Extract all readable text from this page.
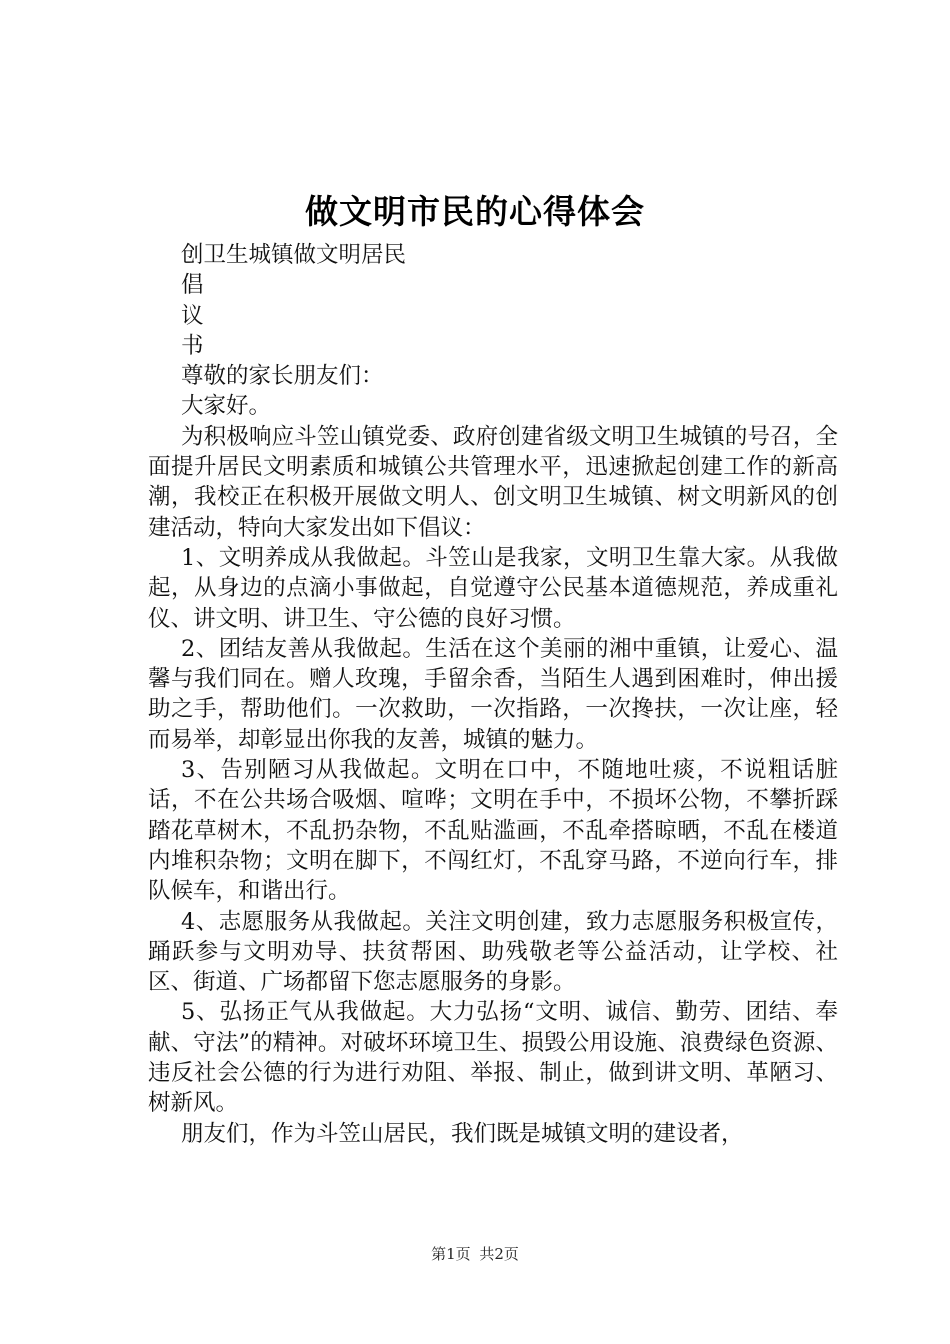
做文明市民的心得体会

创卫生城镇做文明居民

倡

议

书

尊敬的家长朋友们：

大家好。

为积极响应斗笠山镇党委、政府创建省级文明卫生城镇的号召，全面提升居民文明素质和城镇公共管理水平，迅速掀起创建工作的新高潮，我校正在积极开展做文明人、创文明卫生城镇、树文明新风的创建活动，特向大家发出如下倡议：

1、文明养成从我做起。斗笠山是我家，文明卫生靠大家。从我做起，从身边的点滴小事做起，自觉遵守公民基本道德规范，养成重礼仪、讲文明、讲卫生、守公德的良好习惯。

2、团结友善从我做起。生活在这个美丽的湘中重镇，让爱心、温馨与我们同在。赠人玫瑰，手留余香，当陌生人遇到困难时，伸出援助之手，帮助他们。一次救助，一次指路，一次搀扶，一次让座，轻而易举，却彰显出你我的友善，城镇的魅力。

3、告别陋习从我做起。文明在口中，不随地吐痰，不说粗话脏话，不在公共场合吸烟、喧哗；文明在手中，不损坏公物，不攀折踩踏花草树木，不乱扔杂物，不乱贴滥画，不乱牵搭晾晒，不乱在楼道内堆积杂物；文明在脚下，不闯红灯，不乱穿马路，不逆向行车，排队候车，和谐出行。

4、志愿服务从我做起。关注文明创建，致力志愿服务积极宣传，踊跃参与文明劝导、扶贫帮困、助残敬老等公益活动，让学校、社区、街道、广场都留下您志愿服务的身影。

5、弘扬正气从我做起。大力弘扬“文明、诚信、勤劳、团结、奉献、守法”的精神。对破坏环境卫生、损毁公用设施、浪费绿色资源、违反社会公德的行为进行劝阻、举报、制止，做到讲文明、革陋习、树新风。

朋友们，作为斗笠山居民，我们既是城镇文明的建设者，

第1页 共2页
